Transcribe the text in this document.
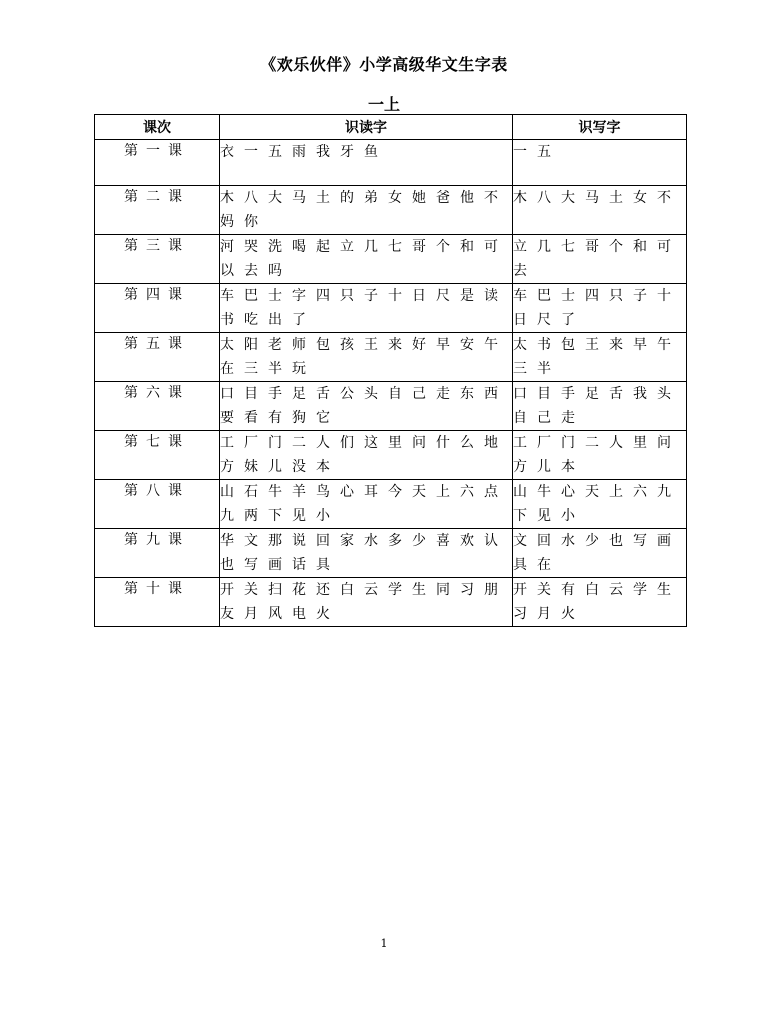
《欢乐伙伴》小学高级华文生字表
一上
课次	识读字	识写字
第一课	衣一五雨我牙鱼	一五
第二课	木八大马土的弟女她爸他不妈你	木八大马土女不
第三课	河哭洗喝起立几七哥个和可以去吗	立几七哥个和可去
第四课	车巴士字四只子十日尺是读书吃出了	车巴士四只子十日尺了
第五课	太阳老师包孩王来好早安午在三半玩	太书包王来早午三半
第六课	口目手足舌公头自己走东西要看有狗它	口目手足舌我头自己走
第七课	工厂门二人们这里问什么地方妹儿没本	工厂门二人里问方儿本
第八课	山石牛羊鸟心耳今天上六点九两下见小	山牛心天上六九下见小
第九课	华文那说回家水多少喜欢认也写画话具	文回水少也写画具在
第十课	开关扫花还白云学生同习朋友月风电火	开关有白云学生习月火
1
